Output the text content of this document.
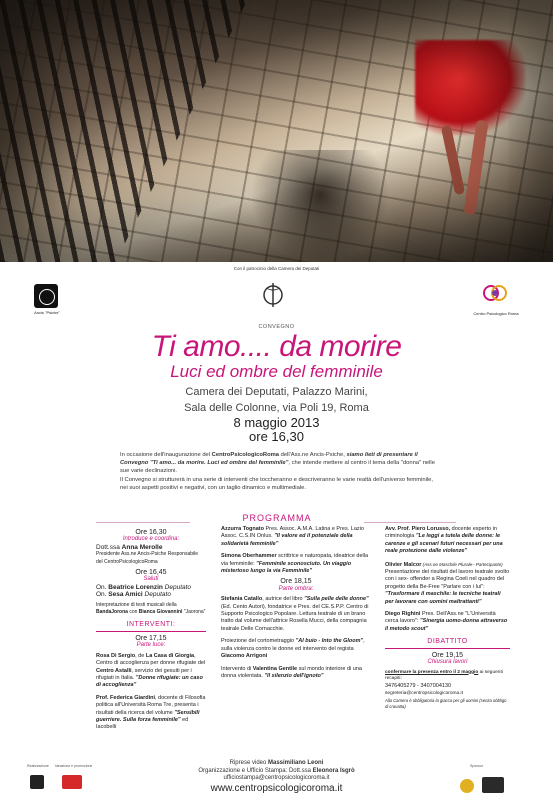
Con il patrocinio della Camera dei Deputati
Ancis "Psiche"	Centro Psicologico Roma
CONVEGNO
Ti amo.... da morire
Luci ed ombre del femminile
Camera dei Deputati, Palazzo Marini,
Sala delle Colonne, via Poli 19, Roma
8 maggio 2013
ore 16,30

In occasione dell'inaugurazione del CentroPsicologicoRoma dell'Ass.ne Ancis-Psiche, siamo lieti di presentare il Convegno "Ti amo... da morire. Luci ed ombre del femminile", che intende mettere al centro il tema della "donna" nelle sue varie declinazioni.

Il Convegno si strutturerà in una serie di interventi che toccheranno e descriveranno le varie realtà dell'universo femminile, nei suoi aspetti positivi e negativi, con un taglio dinamico e multimediale.

PROGRAMMA
Ore 16,30
Introduce e coordina:
Dott.ssa Anna Merolle
Presidente Ass.ne Ancis-Psiche Responsabile del CentroPsicologicoRoma
Ore 16,45
Saluti
On. Beatrice Lorenzin Deputato
On. Sesa Amici Deputato
Interpretazione di testi musicali della BandaJorona con Bianca Giovannini "Jaorona"
INTERVENTI:
Ore 17,15
Parte luce:
Rosa Di Sergio, de La Casa di Giorgia, Centro di accoglienza per donne rifugiate del Centro Astalli, servizio dei gesuiti per i rifugiati in Italia. "Donne rifugiate: un caso di accoglienza"
Prof. Federica Giardini, docente di Filosofia politica all'Università Roma Tre, presenta i risultati della ricerca del volume "Sensibili guerriere. Sulla forza femminile" ed Iacobelli
Azzurra Tognato Pres. Assoc. A.M.A. Latina e Pres. Lazio Assoc. C.S.IN Onlus. "Il valore ed il potenziale della solidarietà femminile"
Simona Oberhammer scrittrice e naturopata, ideatrice della via femminile: "Femminile sconosciuto. Un viaggio misterioso lungo la via Femminile"
Ore 18,15
Parte ombra:
Stefania Catallo, autrice del libro "Sulla pelle delle donne" (Ed. Cento Autori), fondatrice e Pres. del CE.S.P.P. Centro di Supporto Psicologico Popolare. Lettura teatrale di un brano tratto dal volume dell'attrice Rosella Mucci, della compagnia teatrale Delle Cornacchie.
Proiezione del cortometraggio "Al buio - Into the Gloom", sulla violenza contro le donne ed intervento del regista Giacomo Arrigoni
Intervento di Valentina Gentile sul mondo interiore di una donna violentata. "Il silenzio dell'ignoto"
Avv. Prof. Piero Lorusso, docente esperto in criminologia "Le leggi a tutela delle donne: le carenze e gli scenari futuri necessari per una reale protezione dalle violenze"
Olivier Malcor (Ass.ne Maschile Plurale– Partecipante) Presentazione dei risultati del lavoro teatrale svolto con i sex- offender a Regina Coeli nel quadro del progetto della Be-Free "Parlare con i lui": "Trasformare il maschile: le tecniche teatrali per lavorare con uomini maltrattanti"
Diego Righini Pres. Dell'Ass.ne "L'Università cerca lavoro": "Sinergia uomo-donna attraverso il metodo scout"
DIBATTITO
Ore 19,15
Chiusura lavori
confermare la presenza entro il 2 maggio ai seguenti recapiti:
3476405279 - 3407004130
segreteria@centropsicologicoroma.it
Alla Camera è obbligatoria la giacca per gli uomini (senza obbligo di cravatta)
Realizzazione Ideazione e promozione	Riprese video Massimiliano Leoni
Organizzazione e Ufficio Stampa: Dott.ssa Eleonora Isgrò
ufficiostampa@centropsicologicoroma.it
www.centropsicologicoroma.it
Sponsor
